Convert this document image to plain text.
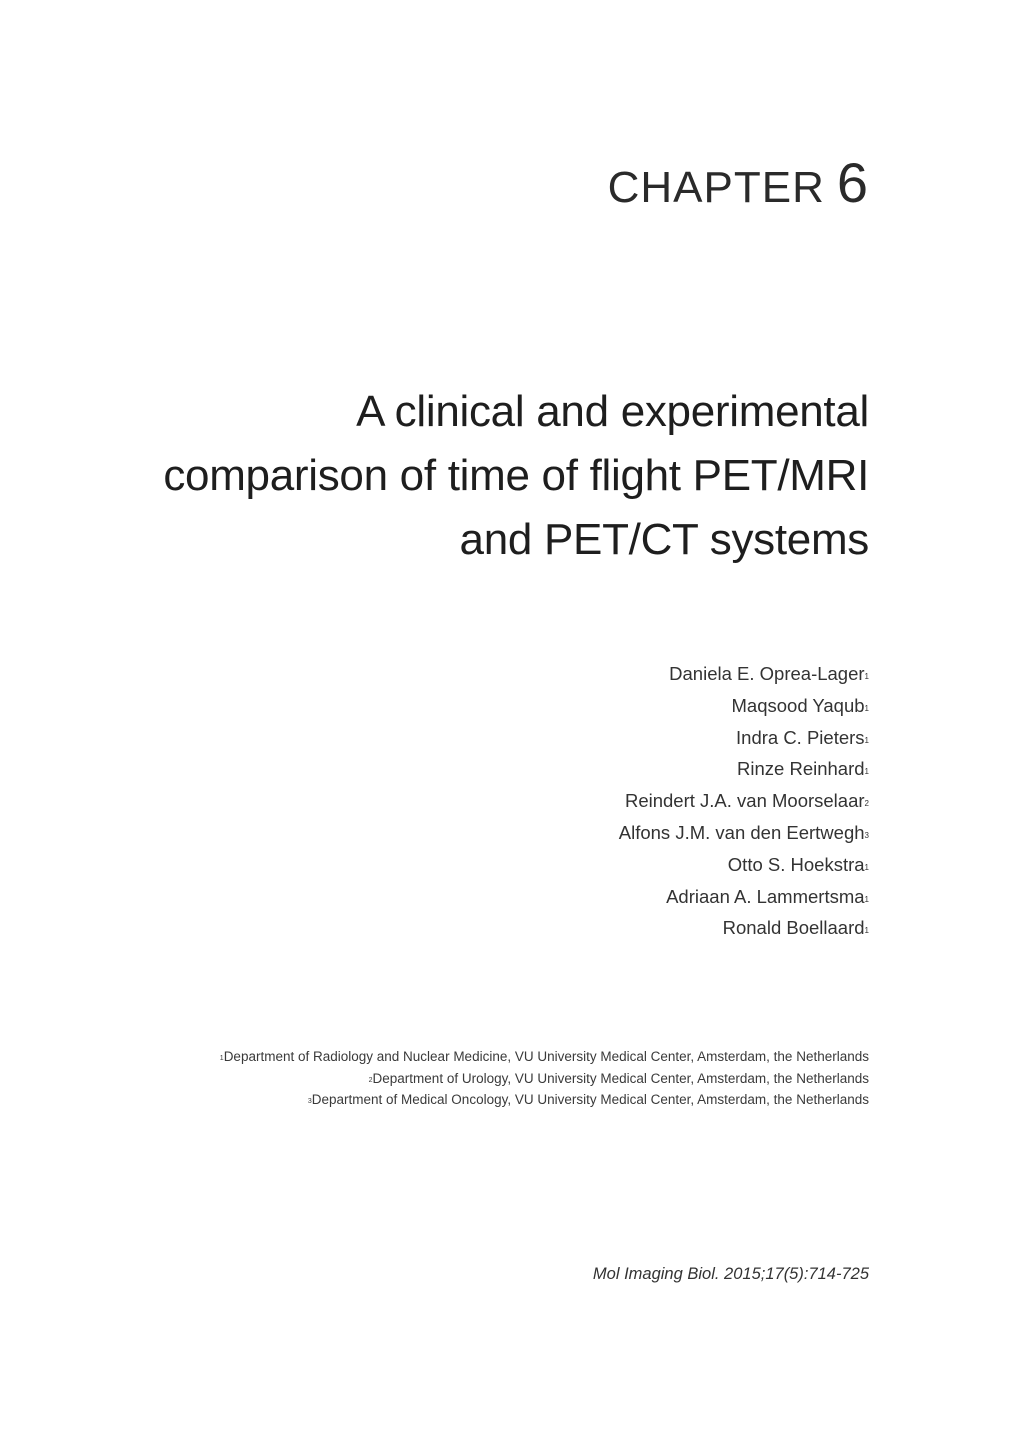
CHAPTER 6
A clinical and experimental
comparison of time of flight PET/MRI
and PET/CT systems
Daniela E. Oprea-Lager$^1$
Maqsood Yaqub$^1$
Indra C. Pieters$^1$
Rinze Reinhard$^1$
Reindert J.A. van Moorselaar$^2$
Alfons J.M. van den Eertwegh$^3$
Otto S. Hoekstra$^1$
Adriaan A. Lammertsma$^1$
Ronald Boellaard$^1$
$^1$Department of Radiology and Nuclear Medicine, VU University Medical Center, Amsterdam, the Netherlands
$^2$Department of Urology, VU University Medical Center, Amsterdam, the Netherlands
$^3$Department of Medical Oncology, VU University Medical Center, Amsterdam, the Netherlands
Mol Imaging Biol. 2015;17(5):714-725
